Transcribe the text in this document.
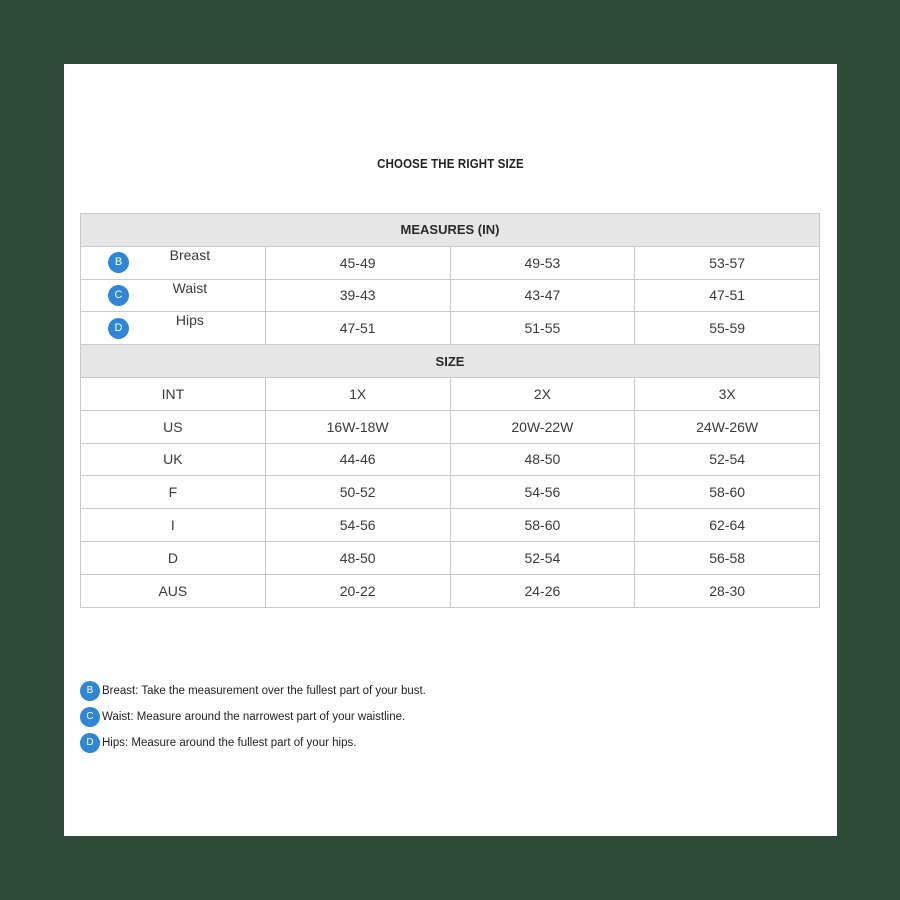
CHOOSE THE RIGHT SIZE
MEASURES (IN)			

B Breast	45-49	49-53	53-57

C Waist	39-43	43-47	47-51

D Hips	47-51	51-55	55-59
SIZE			
INT	1X	2X	3X
US	16W-18W	20W-22W	24W-26W
UK	44-46	48-50	52-54
F	50-52	54-56	58-60
I	54-56	58-60	62-64
D	48-50	52-54	56-58
AUS	20-22	24-26	28-30
B Breast: Take the measurement over the fullest part of your bust.
C Waist: Measure around the narrowest part of your waistline.
D Hips: Measure around the fullest part of your hips.
